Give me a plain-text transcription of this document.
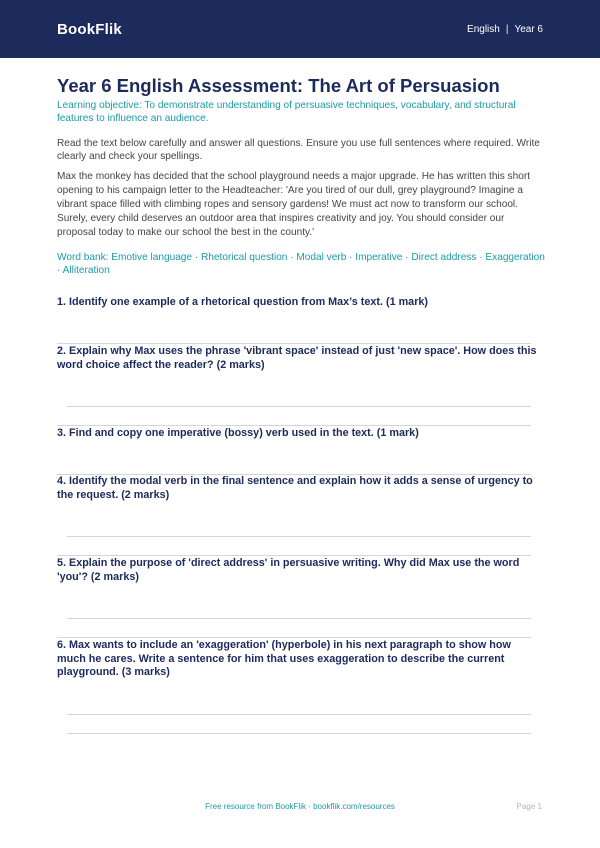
BookFlik	English | Year 6
Year 6 English Assessment: The Art of Persuasion
Learning objective: To demonstrate understanding of persuasive techniques, vocabulary, and structural features to influence an audience.
Read the text below carefully and answer all questions. Ensure you use full sentences where required. Write clearly and check your spellings.
Max the monkey has decided that the school playground needs a major upgrade. He has written this short opening to his campaign letter to the Headteacher: 'Are you tired of our dull, grey playground? Imagine a vibrant space filled with climbing ropes and sensory gardens! We must act now to transform our school. Surely, every child deserves an outdoor area that inspires creativity and joy. You should consider our proposal today to make our school the best in the county.'
Word bank: Emotive language · Rhetorical question · Modal verb · Imperative · Direct address · Exaggeration · Alliteration
1. Identify one example of a rhetorical question from Max’s text. (1 mark)
2. Explain why Max uses the phrase 'vibrant space' instead of just 'new space'. How does this word choice affect the reader? (2 marks)
3. Find and copy one imperative (bossy) verb used in the text. (1 mark)
4. Identify the modal verb in the final sentence and explain how it adds a sense of urgency to the request. (2 marks)
5. Explain the purpose of 'direct address' in persuasive writing. Why did Max use the word 'you'? (2 marks)
6. Max wants to include an 'exaggeration' (hyperbole) in his next paragraph to show how much he cares. Write a sentence for him that uses exaggeration to describe the current playground. (3 marks)
Free resource from BookFlik · bookflik.com/resources	Page 1
